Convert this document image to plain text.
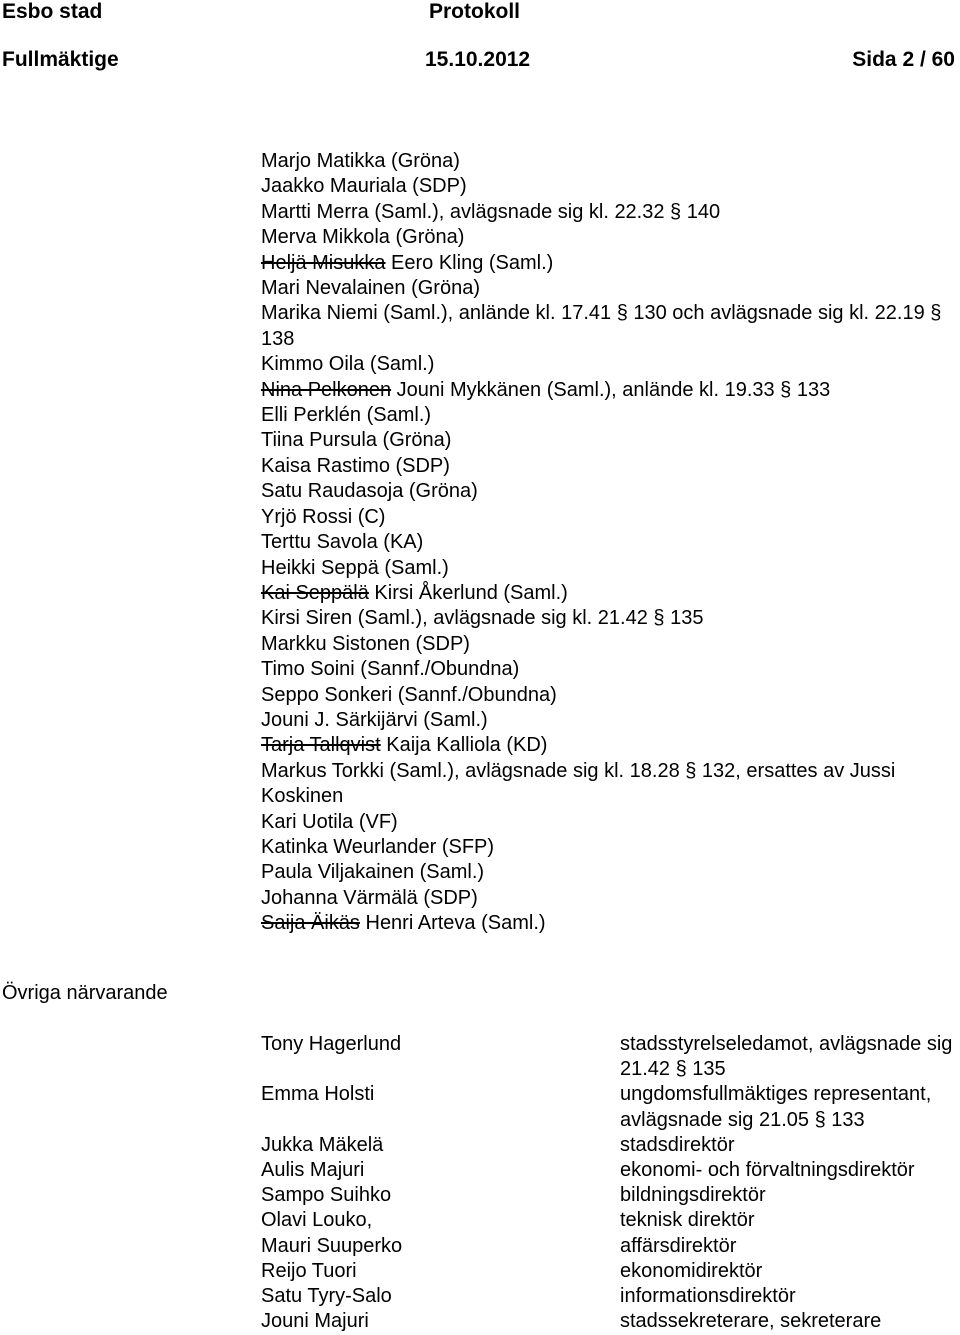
Esbo stad	Protokoll
Fullmäktige	15.10.2012	Sida 2 / 60
Marjo Matikka (Gröna)
Jaakko Mauriala (SDP)
Martti Merra (Saml.), avlägsnade sig kl. 22.32 § 140
Merva Mikkola (Gröna)
Heljä Misukka Eero Kling (Saml.)
Mari Nevalainen (Gröna)
Marika Niemi (Saml.), anlände kl. 17.41 § 130 och avlägsnade sig kl. 22.19 § 138
Kimmo Oila (Saml.)
Nina Pelkonen Jouni Mykkänen (Saml.), anlände kl. 19.33 § 133
Elli Perklén (Saml.)
Tiina Pursula (Gröna)
Kaisa Rastimo (SDP)
Satu Raudasoja (Gröna)
Yrjö Rossi (C)
Terttu Savola (KA)
Heikki Seppä (Saml.)
Kai Seppälä Kirsi Åkerlund (Saml.)
Kirsi Siren (Saml.), avlägsnade sig kl. 21.42 § 135
Markku Sistonen (SDP)
Timo Soini (Sannf./Obundna)
Seppo Sonkeri (Sannf./Obundna)
Jouni J. Särkijärvi (Saml.)
Tarja Tallqvist Kaija Kalliola (KD)
Markus Torkki (Saml.), avlägsnade sig kl. 18.28 § 132, ersattes av Jussi Koskinen
Kari Uotila (VF)
Katinka Weurlander (SFP)
Paula Viljakainen (Saml.)
Johanna Värmälä (SDP)
Saija Äikäs Henri Arteva (Saml.)
Övriga närvarande
Tony Hagerlund	stadsstyrelseledamot, avlägsnade sig 21.42 § 135
Emma Holsti	ungdomsfullmäktiges representant, avlägsnade sig 21.05 § 133
Jukka Mäkelä	stadsdirektör
Aulis Majuri	ekonomi- och förvaltningsdirektör
Sampo Suihko	bildningsdirektör
Olavi Louko,	teknisk direktör
Mauri Suuperko	affärsdirektör
Reijo Tuori	ekonomidirektör
Satu Tyry-Salo	informationsdirektör
Jouni Majuri	stadssekreterare, sekreterare
